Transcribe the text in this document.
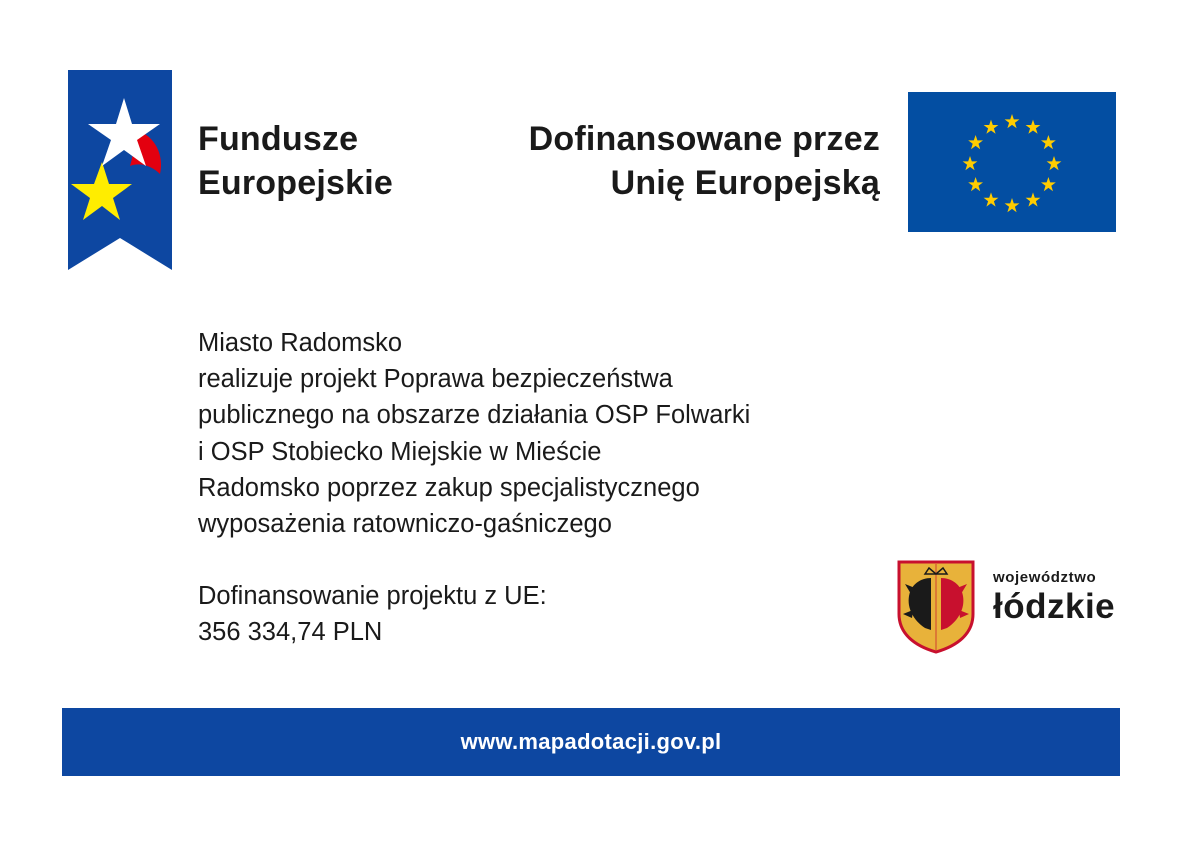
Fundusze
Europejskie
Dofinansowane przez
Unię Europejską
Miasto Radomsko
realizuje projekt Poprawa bezpieczeństwa
publicznego na obszarze działania OSP Folwarki
i OSP Stobiecko Miejskie w Mieście
Radomsko poprzez zakup specjalistycznego
wyposażenia ratowniczo-gaśniczego
Dofinansowanie projektu z UE:
356 334,74 PLN
województwo
łódzkie
www.mapadotacji.gov.pl
